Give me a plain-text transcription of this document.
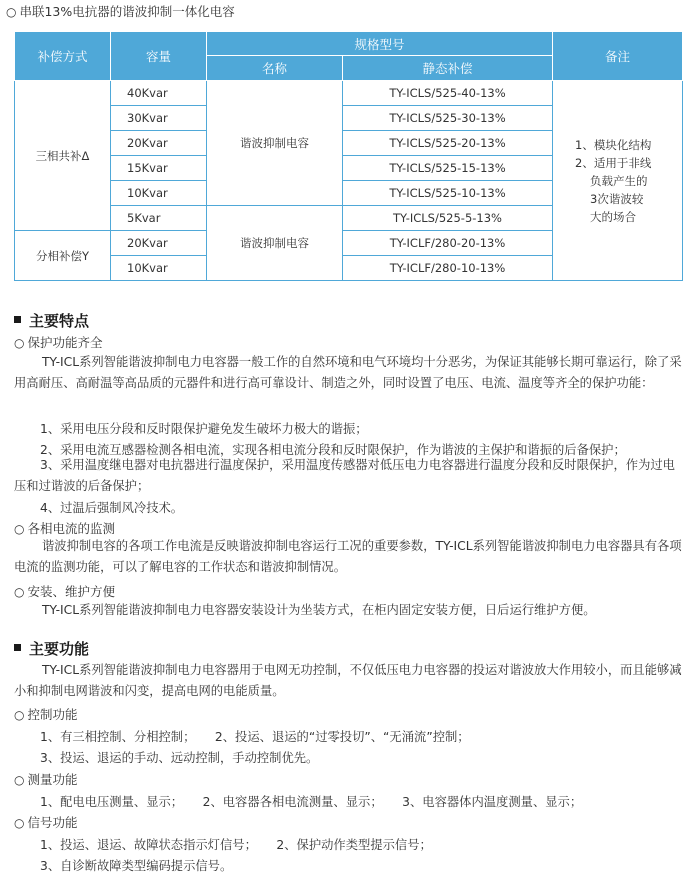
○ 串联13%电抗器的谐波抑制一体化电容
补偿方式	容量	规格型号		备注
		名称	静态补偿	
三相共补Δ	40Kvar	谐波抑制电容	TY-ICLS/525-40-13%	1、模块化结构
2、适用于非线
负载产生的
3次谐波较
大的场合

	30Kvar		TY-ICLS/525-30-13%	
	20Kvar		TY-ICLS/525-20-13%	
	15Kvar		TY-ICLS/525-15-13%	
	10Kvar		TY-ICLS/525-10-13%	
	5Kvar	谐波抑制电容	TY-ICLS/525-5-13%	
分相补偿Y	20Kvar		TY-ICLF/280-20-13%	
	10Kvar		TY-ICLF/280-10-13%	
主要特点
○ 保护功能齐全

TY-ICL系列智能谐波抑制电力电容器一般工作的自然环境和电气环境均十分恶劣，为保证其能够长期可靠运行，除了采用高耐压、高耐温等高品质的元器件和进行高可靠设计、制造之外，同时设置了电压、电流、温度等齐全的保护功能：

1、采用电压分段和反时限保护避免发生破坏力极大的谐振；
2、采用电流互感器检测各相电流，实现各相电流分段和反时限保护，作为谐波的主保护和谐振的后备保护；

3、采用温度继电器对电抗器进行温度保护，采用温度传感器对低压电力电容器进行温度分段和反时限保护，作为过电压和过谐波的后备保护；

4、过温后强制风冷技术。
○ 各相电流的监测

谐波抑制电容的各项工作电流是反映谐波抑制电容运行工况的重要参数，TY-ICL系列智能谐波抑制电力电容器具有各项电流的监测功能，可以了解电容的工作状态和谐波抑制情况。

○ 安装、维护方便

TY-ICL系列智能谐波抑制电力电容器安装设计为坐装方式，在柜内固定安装方便，日后运行维护方便。

主要功能

TY-ICL系列智能谐波抑制电力电容器用于电网无功控制，不仅低压电力电容器的投运对谐波放大作用较小，而且能够减小和抑制电网谐波和闪变，提高电网的电能质量。

○ 控制功能
1、有三相控制、分相控制；     2、投运、退运的“过零投切”、“无涌流”控制；
3、投运、退运的手动、远动控制，手动控制优先。
○ 测量功能
1、配电电压测量、显示；     2、电容器各相电流测量、显示；     3、电容器体内温度测量、显示；
○ 信号功能
1、投运、退运、故障状态指示灯信号；     2、保护动作类型提示信号；
3、自诊断故障类型编码提示信号。
